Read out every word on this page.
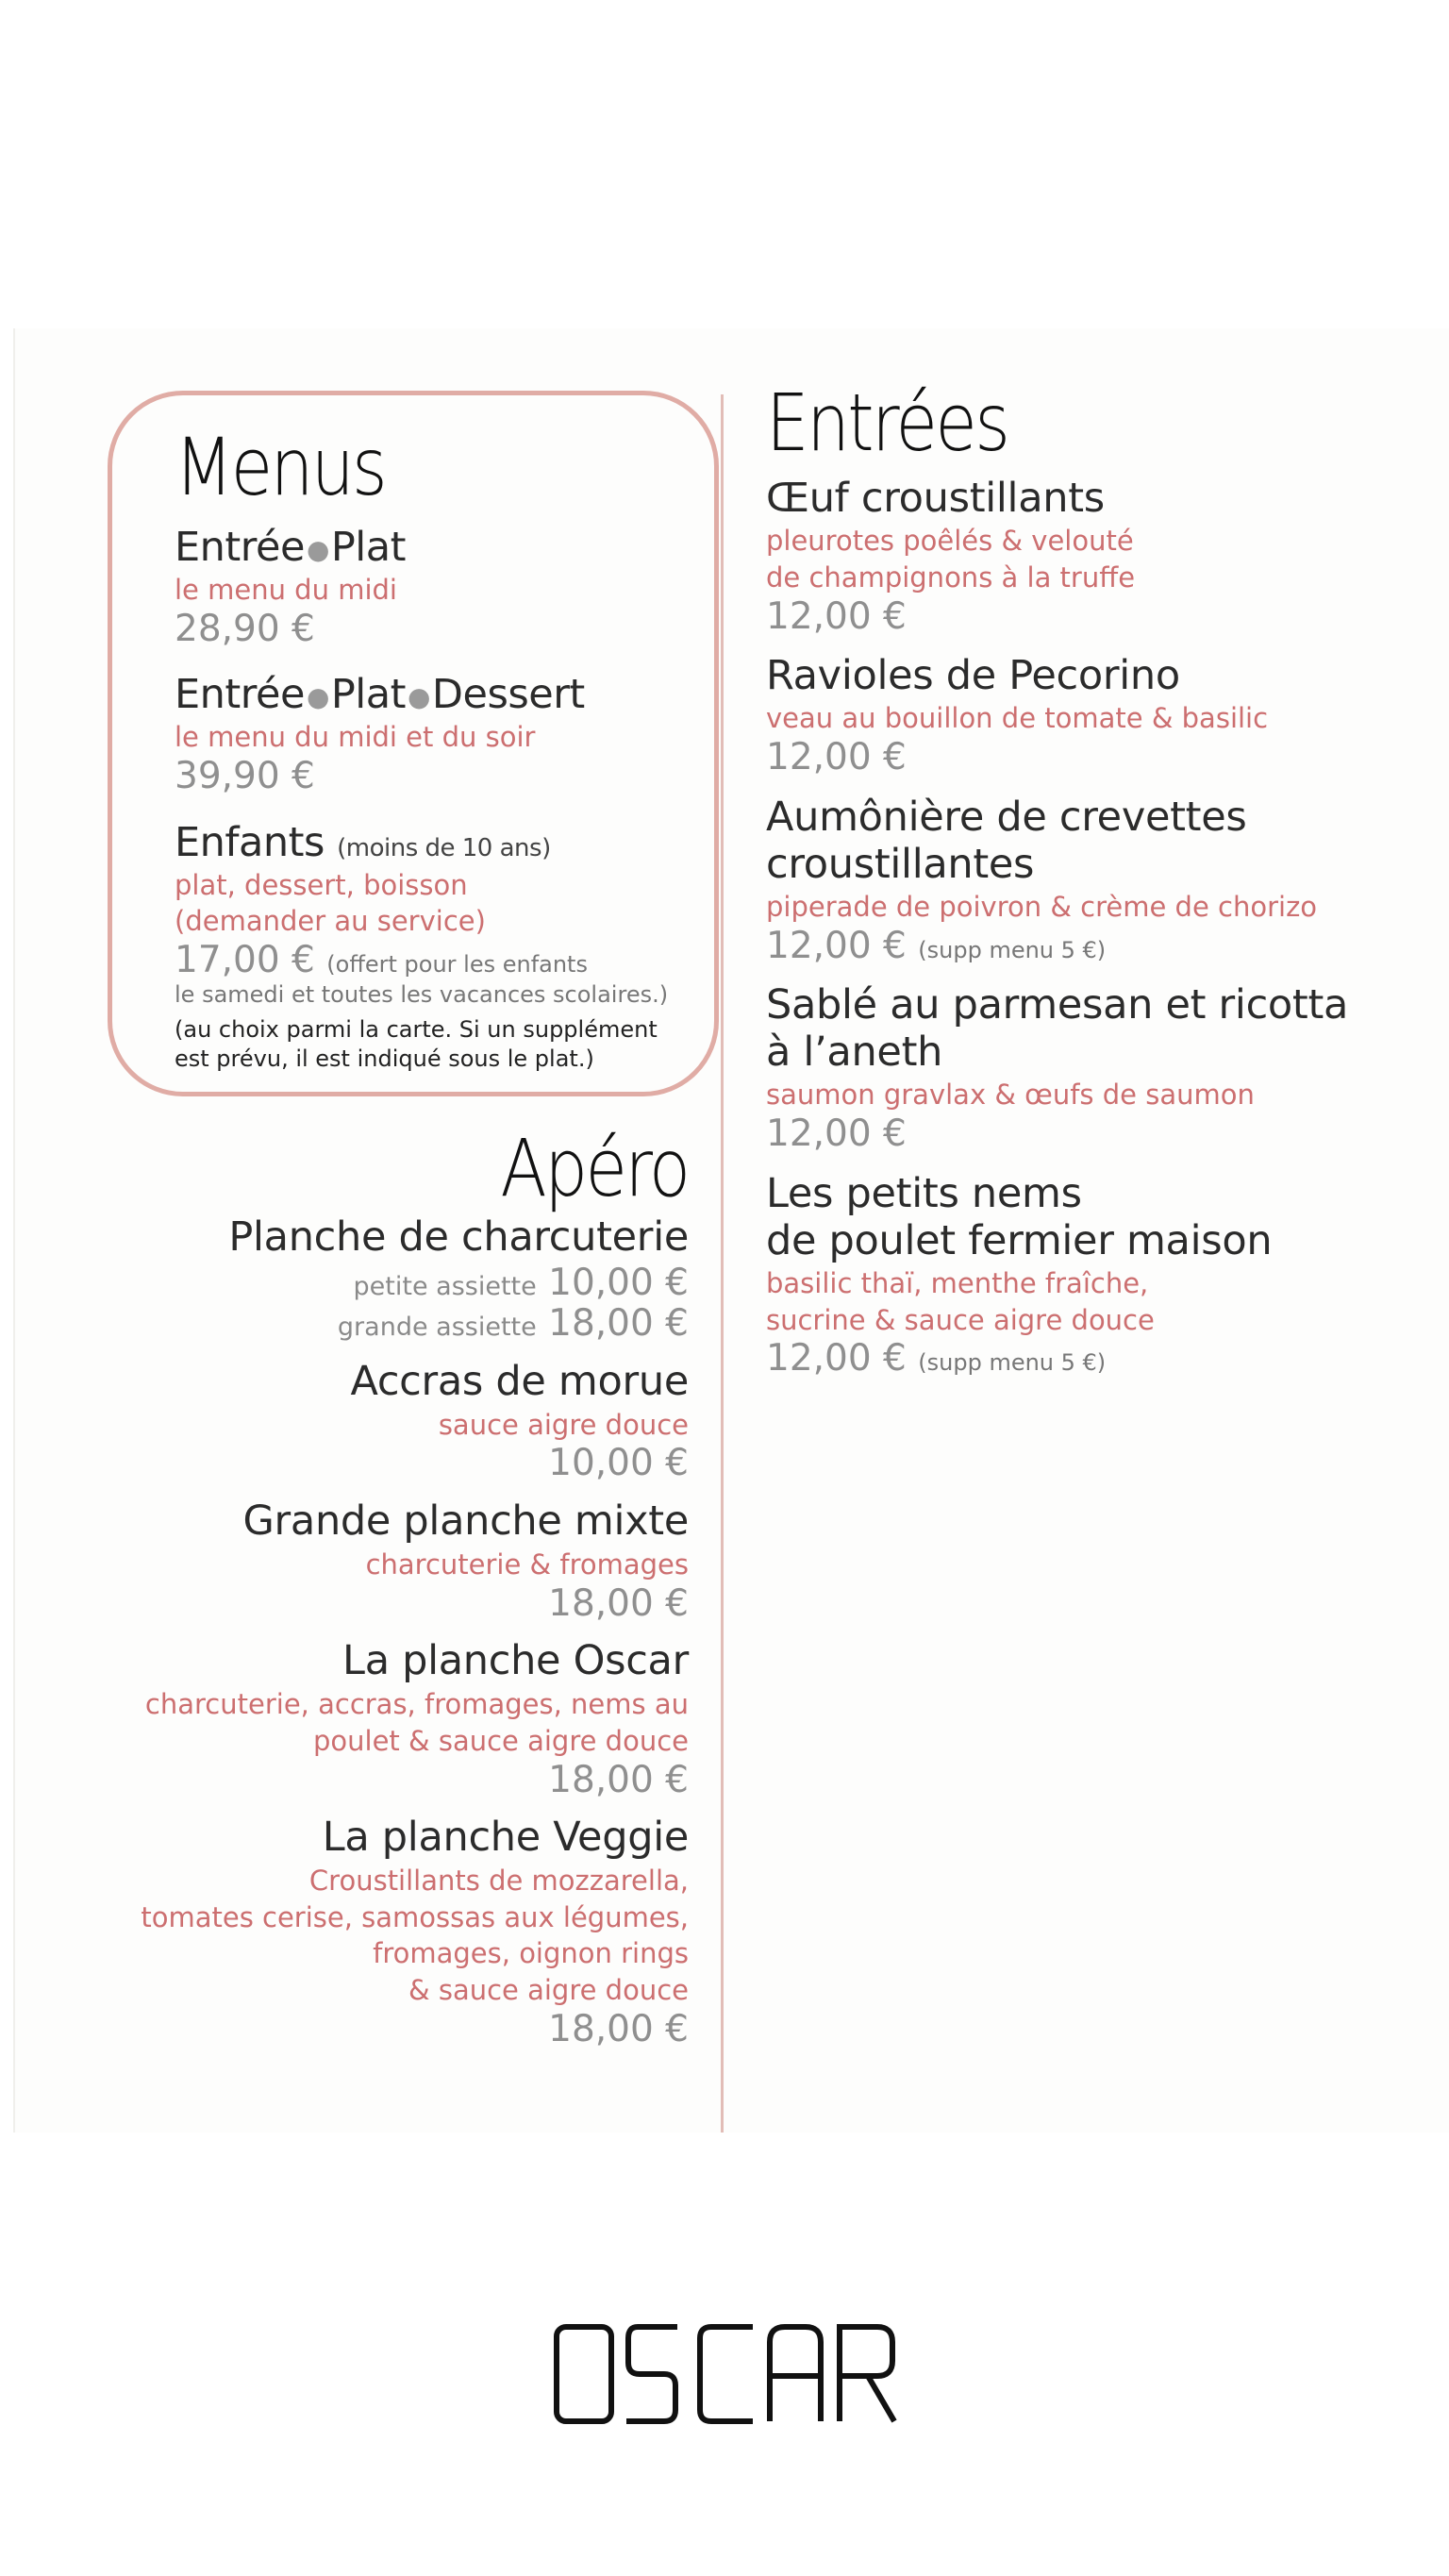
Menus
Entrée●Plat
le menu du midi
28,90 €
Entrée●Plat●Dessert
le menu du midi et du soir
39,90 €
Enfants (moins de 10 ans)
plat, dessert, boisson
(demander au service)
17,00 € (offert pour les enfants
le samedi et toutes les vacances scolaires.)
(au choix parmi la carte. Si un supplément
est prévu, il est indiqué sous le plat.)
Apéro
Planche de charcuterie
petite assiette 10,00 €
grande assiette 18,00 €
Accras de morue
sauce aigre douce
10,00 €
Grande planche mixte
charcuterie & fromages
18,00 €
La planche Oscar
charcuterie, accras, fromages, nems au
poulet & sauce aigre douce
18,00 €
La planche Veggie
Croustillants de mozzarella,
tomates cerise, samossas aux légumes,
fromages, oignon rings
& sauce aigre douce
18,00 €
Entrées
Œuf croustillants
pleurotes poêlés & velouté
de champignons à la truffe
12,00 €
Ravioles de Pecorino
veau au bouillon de tomate & basilic
12,00 €
Aumônière de crevettes
croustillantes
piperade de poivron & crème de chorizo
12,00 € (supp menu 5 €)
Sablé au parmesan et ricotta
à l’aneth
saumon gravlax & œufs de saumon
12,00 €
Les petits nems
de poulet fermier maison
basilic thaï, menthe fraîche,
sucrine & sauce aigre douce
12,00 € (supp menu 5 €)
